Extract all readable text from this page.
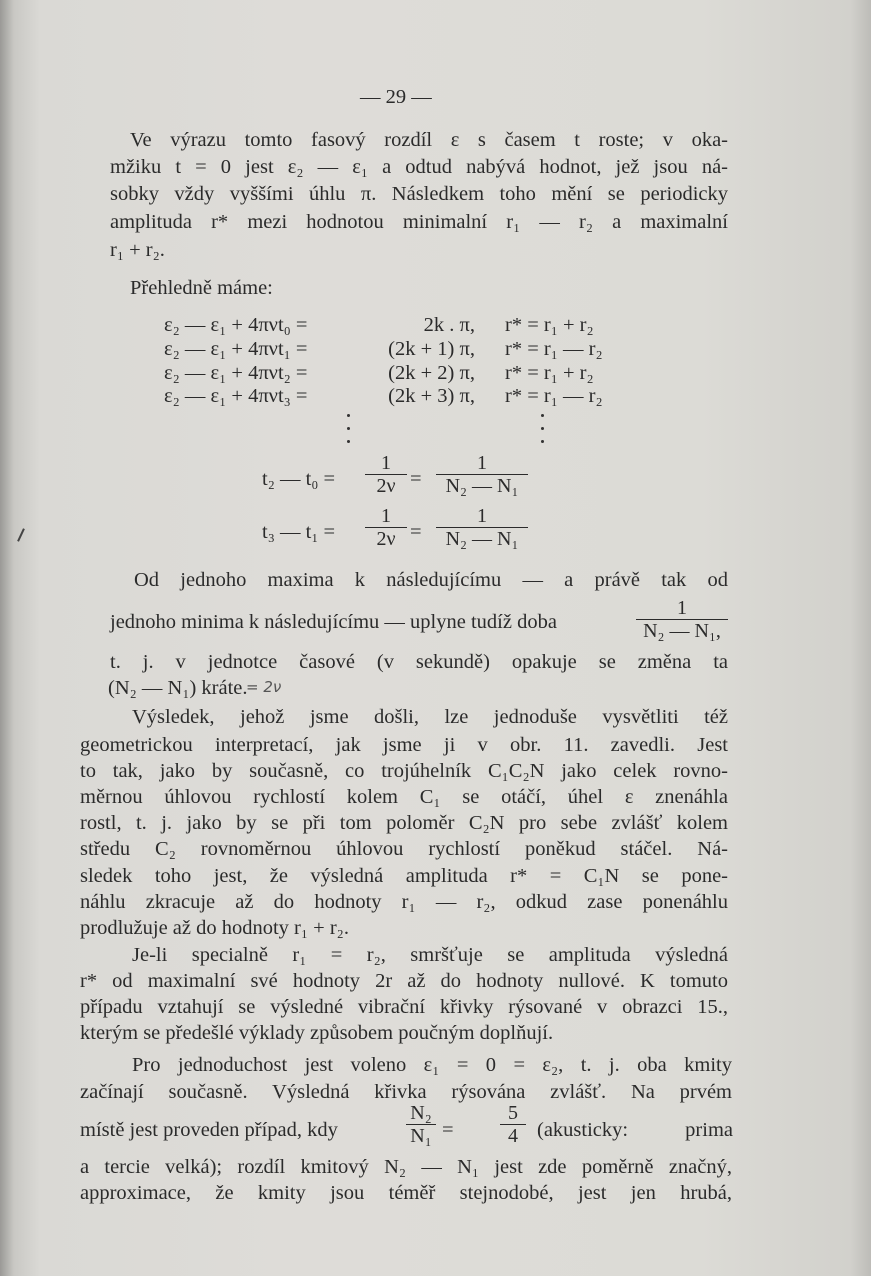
— 29 —
Ve výrazu tomto fasový rozdíl ε s časem t roste; v oka-
mžiku t = 0 jest ε₂ — ε₁ a odtud nabývá hodnot, jež jsou ná-
sobky vždy vyššími úhlu π. Následkem toho mění se periodicky
amplituda r* mezi hodnotou minimalní r₁ — r₂ a maximalní
r₁ + r₂.
Přehledně máme:
ε₂ — ε₁ + 4πνt₀ =	2k . π, r* = r₁ + r₂
ε₂ — ε₁ + 4πνt₁ =	(2k + 1) π, r* = r₁ — r₂
ε₂ — ε₁ + 4πνt₂ =	(2k + 2) π, r* = r₁ + r₂
ε₂ — ε₁ + 4πνt₃ =	(2k + 3) π, r* = r₁ — r₂
t₂ — $t_0 = \frac{1}{2\nu} = \frac{1}{\text{N₂ — N₁}}$
t₃ — $t_1 = \frac{1}{2\nu} = \frac{1}{\text{N₂ — N₁}}$
Od jednoho maxima k následujícímu — a právě tak od
jednoho minima k následujícímu — uplyne tudíž doba	$\frac{1}{\text{N₂ — N₁,}}$
t. j. v jednotce časové (v sekundě) opakuje se změna ta
(N₂ — N₁) kráte.
= 2ν
Výsledek, jehož jsme došli, lze jednoduše vysvětliti též
geometrickou interpretací, jak jsme ji v obr. 11. zavedli. Jest
to tak, jako by současně, co trojúhelník C₁C₂N jako celek rovno-
měrnou úhlovou rychlostí kolem C₁ se otáčí, úhel ε znenáhla
rostl, t. j. jako by se při tom poloměr C₂N pro sebe zvlášť kolem
středu C₂ rovnoměrnou úhlovou rychlostí poněkud stáčel. Ná-
sledek toho jest, že výsledná amplituda r* = C₁N se pone-
náhlu zkracuje až do hodnoty r₁ — r₂, odkud zase ponenáhlu
prodlužuje až do hodnoty r₁ + r₂.
Je-li specialně r₁ = r₂, smršťuje se amplituda výsledná
r* od maximalní své hodnoty 2r až do hodnoty nullové. K tomuto
případu vztahují se výsledné vibrační křivky rýsované v obrazci 15.,
kterým se předešlé výklady způsobem poučným doplňují.
Pro jednoduchost jest voleno ε₁ = 0 = ε₂, t. j. oba kmity
začínají současně. Výsledná křivka rýsována zvlášť. Na prvém
místě jest proveden případ, kdy	$\frac{\text{N₂}}{\text{N₁}} = \frac{5}{4}$ (akusticky: prima
a tercie velká); rozdíl kmitový N₂ — N₁ jest zde poměrně značný,
approximace, že kmity jsou téměř stejnodobé, jest jen hrubá,
